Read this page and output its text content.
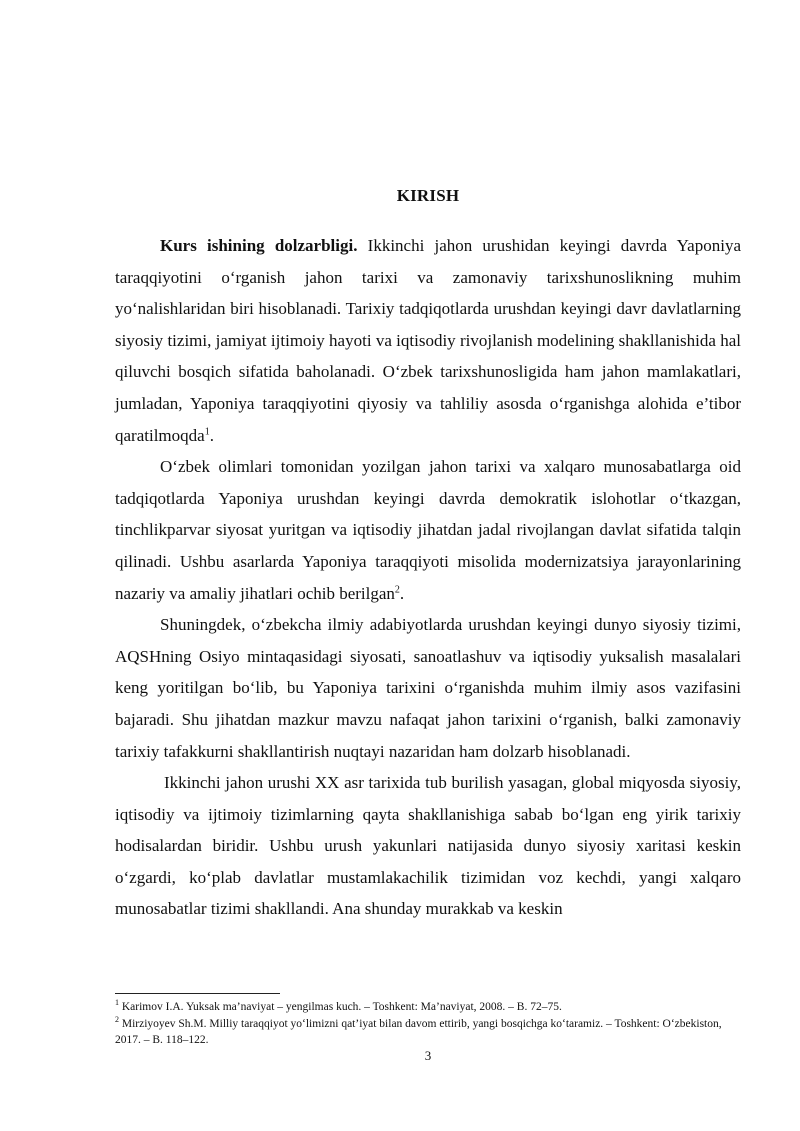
KIRISH

Kurs ishining dolzarbligi. Ikkinchi jahon urushidan keyingi davrda Yaponiya taraqqiyotini o‘rganish jahon tarixi va zamonaviy tarixshunoslikning muhim yo‘nalishlaridan biri hisoblanadi. Tarixiy tadqiqotlarda urushdan keyingi davr davlatlarning siyosiy tizimi, jamiyat ijtimoiy hayoti va iqtisodiy rivojlanish modelining shakllanishida hal qiluvchi bosqich sifatida baholanadi. O‘zbek tarixshunosligida ham jahon mamlakatlari, jumladan, Yaponiya taraqqiyotini qiyosiy va tahliliy asosda o‘rganishga alohida e’tibor qaratilmoqda$^1$.

O‘zbek olimlari tomonidan yozilgan jahon tarixi va xalqaro munosabatlarga oid tadqiqotlarda Yaponiya urushdan keyingi davrda demokratik islohotlar o‘tkazgan, tinchlikparvar siyosat yuritgan va iqtisodiy jihatdan jadal rivojlangan davlat sifatida talqin qilinadi. Ushbu asarlarda Yaponiya taraqqiyoti misolida modernizatsiya jarayonlarining nazariy va amaliy jihatlari ochib berilgan$^2$.

Shuningdek, o‘zbekcha ilmiy adabiyotlarda urushdan keyingi dunyo siyosiy tizimi, AQSHning Osiyo mintaqasidagi siyosati, sanoatlashuv va iqtisodiy yuksalish masalalari keng yoritilgan bo‘lib, bu Yaponiya tarixini o‘rganishda muhim ilmiy asos vazifasini bajaradi. Shu jihatdan mazkur mavzu nafaqat jahon tarixini o‘rganish, balki zamonaviy tarixiy tafakkurni shakllantirish nuqtayi nazaridan ham dolzarb hisoblanadi.

Ikkinchi jahon urushi XX asr tarixida tub burilish yasagan, global miqyosda siyosiy, iqtisodiy va ijtimoiy tizimlarning qayta shakllanishiga sabab bo‘lgan eng yirik tarixiy hodisalardan biridir. Ushbu urush yakunlari natijasida dunyo siyosiy xaritasi keskin o‘zgardi, ko‘plab davlatlar mustamlakachilik tizimidan voz kechdi, yangi xalqaro munosabatlar tizimi shakllandi. Ana shunday murakkab va keskin

$^1$ Karimov I.A. Yuksak ma’naviyat – yengilmas kuch. – Toshkent: Ma’naviyat, 2008. – B. 72–75.

$^2$ Mirziyoyev Sh.M. Milliy taraqqiyot yo‘limizni qat’iyat bilan davom ettirib, yangi bosqichga ko‘taramiz. – Toshkent: O‘zbekiston, 2017. – B. 118–122.

3
